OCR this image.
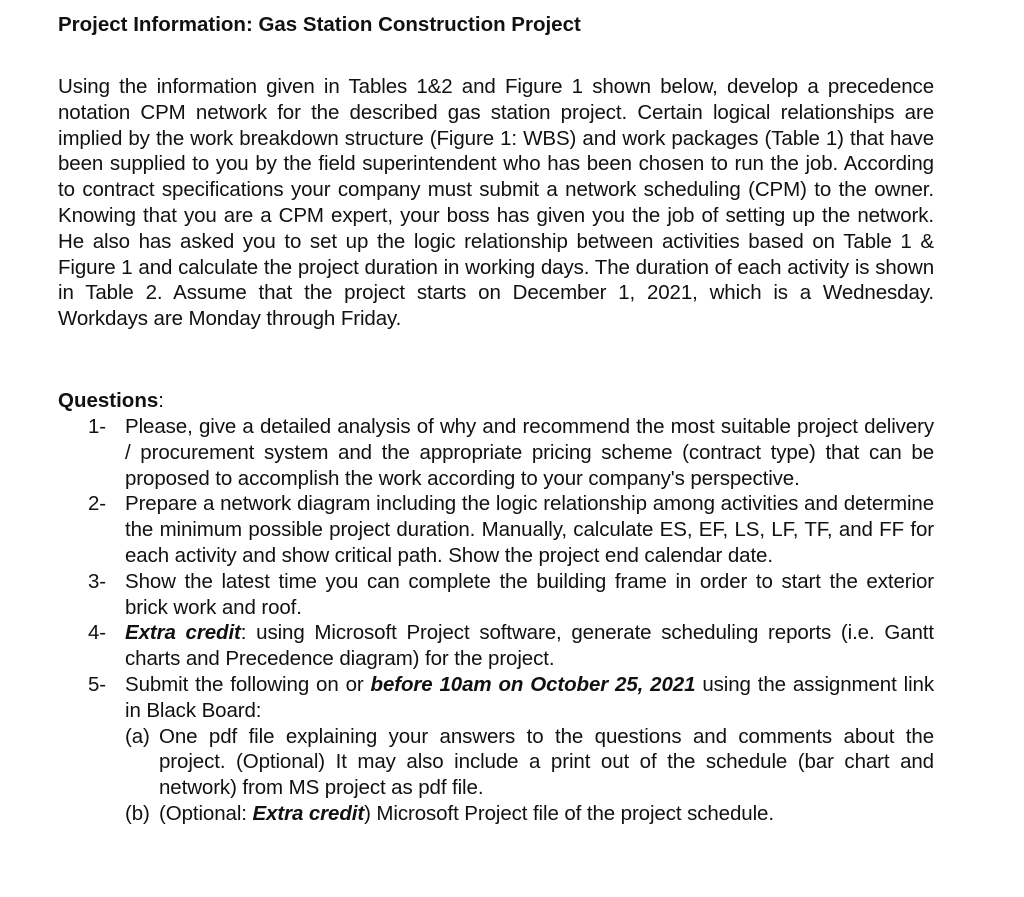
Project Information: Gas Station Construction Project

Using the information given in Tables 1&2 and Figure 1 shown below, develop a precedence notation CPM network for the described gas station project. Certain logical relationships are implied by the work breakdown structure (Figure 1: WBS) and work packages (Table 1) that have been supplied to you by the field superintendent who has been chosen to run the job. According to contract specifications your company must submit a network scheduling (CPM) to the owner. Knowing that you are a CPM expert, your boss has given you the job of setting up the network. He also has asked you to set up the logic relationship between activities based on Table 1 & Figure 1 and calculate the project duration in working days. The duration of each activity is shown in Table 2. Assume that the project starts on December 1, 2021, which is a Wednesday. Workdays are Monday through Friday.

Questions:
1- Please, give a detailed analysis of why and recommend the most suitable project delivery / procurement system and the appropriate pricing scheme (contract type) that can be proposed to accomplish the work according to your company's perspective.
2- Prepare a network diagram including the logic relationship among activities and determine the minimum possible project duration. Manually, calculate ES, EF, LS, LF, TF, and FF for each activity and show critical path. Show the project end calendar date.
3- Show the latest time you can complete the building frame in order to start the exterior brick work and roof.
4- Extra credit: using Microsoft Project software, generate scheduling reports (i.e. Gantt charts and Precedence diagram) for the project.
5- Submit the following on or before 10am on October 25, 2021 using the assignment link in Black Board:
(a) One pdf file explaining your answers to the questions and comments about the project. (Optional) It may also include a print out of the schedule (bar chart and network) from MS project as pdf file.
(b) (Optional: Extra credit) Microsoft Project file of the project schedule.
